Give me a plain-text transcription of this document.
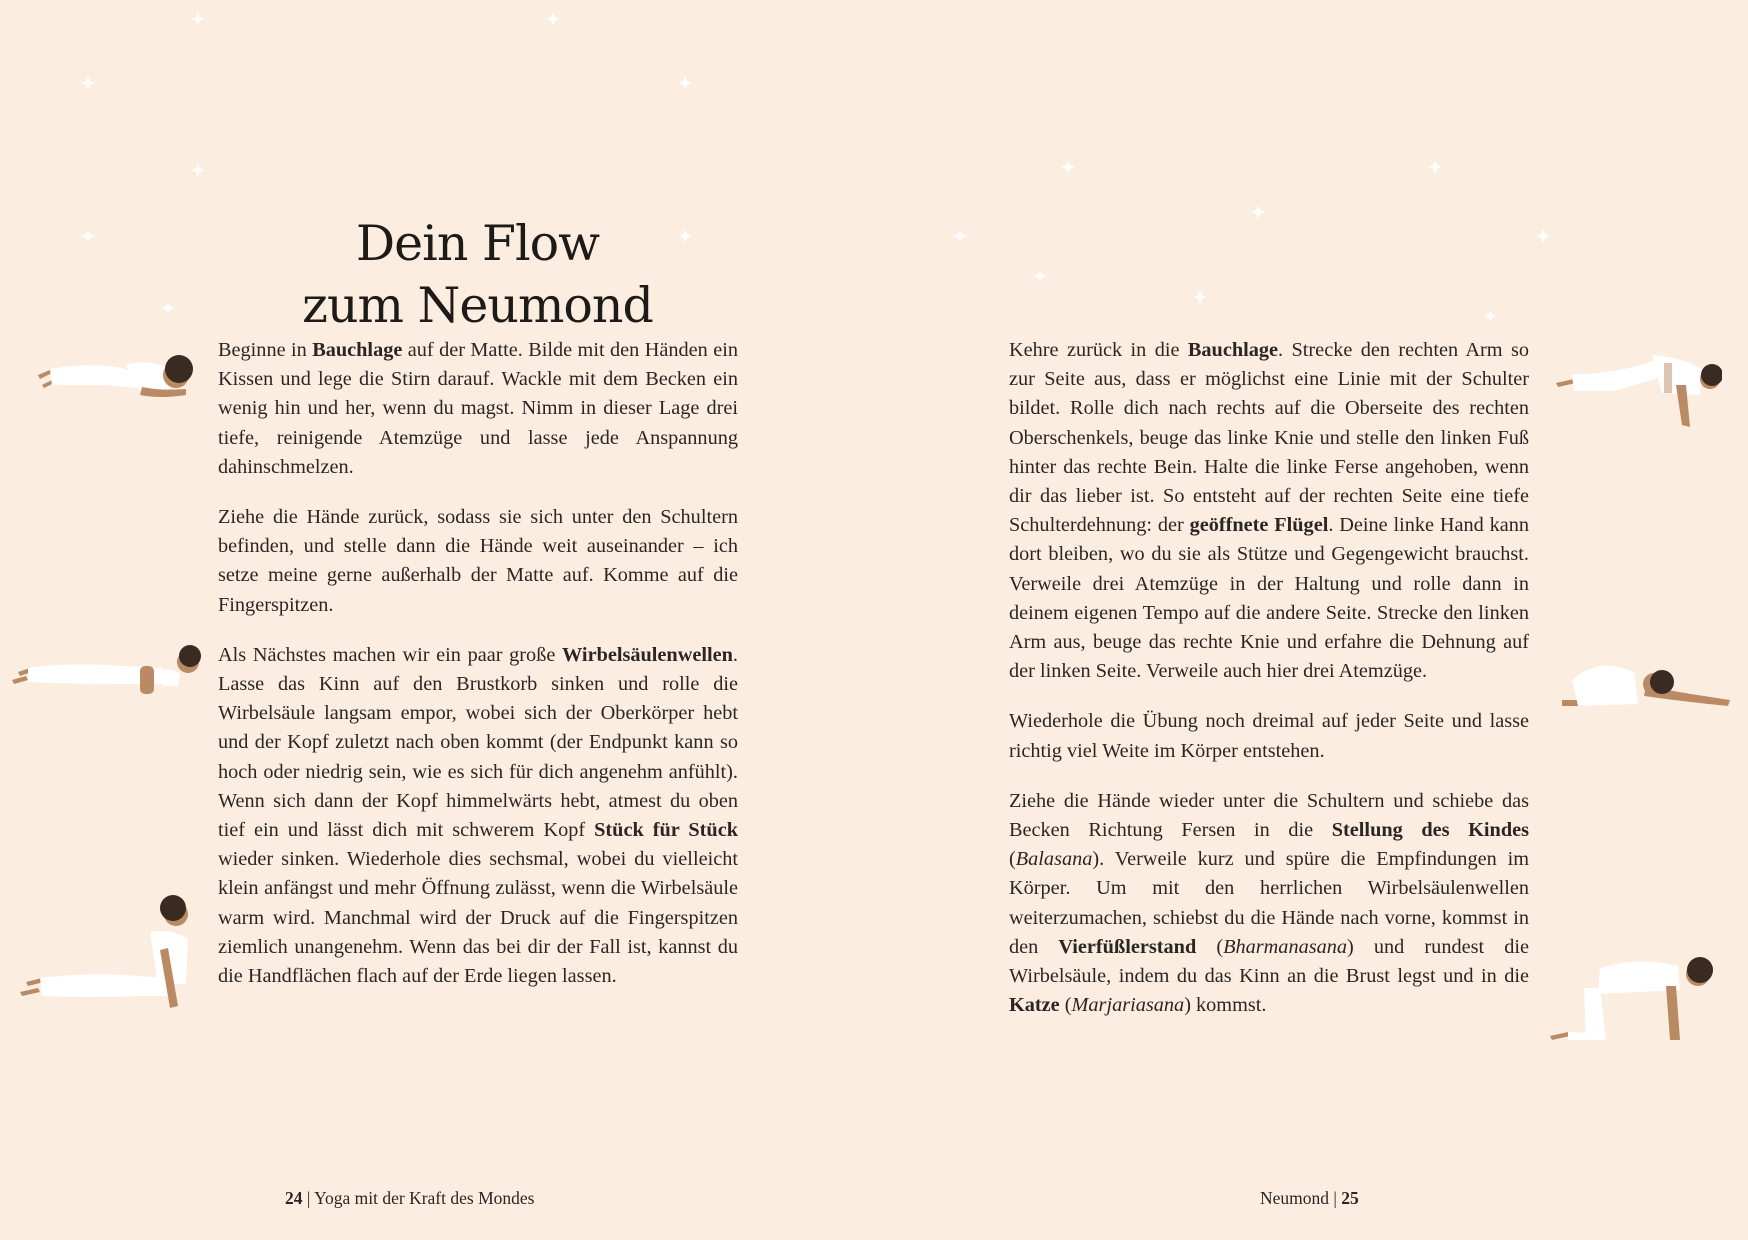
Dein Flow
zum Neumond

Beginne in Bauchlage auf der Matte. Bilde mit den Händen ein Kissen und lege die Stirn darauf. Wackle mit dem Becken ein wenig hin und her, wenn du magst. Nimm in dieser Lage drei tiefe, reinigende Atemzüge und lasse jede Anspannung dahinschmelzen.

Ziehe die Hände zurück, sodass sie sich unter den Schultern befinden, und stelle dann die Hände weit auseinander – ich setze meine gerne außerhalb der Matte auf. Komme auf die Fingerspitzen.

Als Nächstes machen wir ein paar große Wirbelsäulenwellen. Lasse das Kinn auf den Brustkorb sinken und rolle die Wirbelsäule langsam empor, wobei sich der Oberkörper hebt und der Kopf zuletzt nach oben kommt (der Endpunkt kann so hoch oder niedrig sein, wie es sich für dich angenehm anfühlt). Wenn sich dann der Kopf himmelwärts hebt, atmest du oben tief ein und lässt dich mit schwerem Kopf Stück für Stück wieder sinken. Wiederhole dies sechsmal, wobei du vielleicht klein anfängst und mehr Öffnung zulässt, wenn die Wirbelsäule warm wird. Manchmal wird der Druck auf die Fingerspitzen ziemlich unangenehm. Wenn das bei dir der Fall ist, kannst du die Handflächen flach auf der Erde liegen lassen.

Kehre zurück in die Bauchlage. Strecke den rechten Arm so zur Seite aus, dass er möglichst eine Linie mit der Schulter bildet. Rolle dich nach rechts auf die Oberseite des rechten Oberschenkels, beuge das linke Knie und stelle den linken Fuß hinter das rechte Bein. Halte die linke Ferse angehoben, wenn dir das lieber ist. So entsteht auf der rechten Seite eine tiefe Schulterdehnung: der geöffnete Flügel. Deine linke Hand kann dort bleiben, wo du sie als Stütze und Gegengewicht brauchst. Verweile drei Atemzüge in der Haltung und rolle dann in deinem eigenen Tempo auf die andere Seite. Strecke den linken Arm aus, beuge das rechte Knie und erfahre die Dehnung auf der linken Seite. Verweile auch hier drei Atemzüge.

Wiederhole die Übung noch dreimal auf jeder Seite und lasse richtig viel Weite im Körper entstehen.

Ziehe die Hände wieder unter die Schultern und schiebe das Becken Richtung Fersen in die Stellung des Kindes (Balasana). Verweile kurz und spüre die Empfindungen im Körper. Um mit den herrlichen Wirbelsäulenwellen weiterzumachen, schiebst du die Hände nach vorne, kommst in den Vierfüßlerstand (Bharmanasana) und rundest die Wirbelsäule, indem du das Kinn an die Brust legst und in die Katze (Marjariasana) kommst.

24 | Yoga mit der Kraft des Mondes	Neumond | 25
